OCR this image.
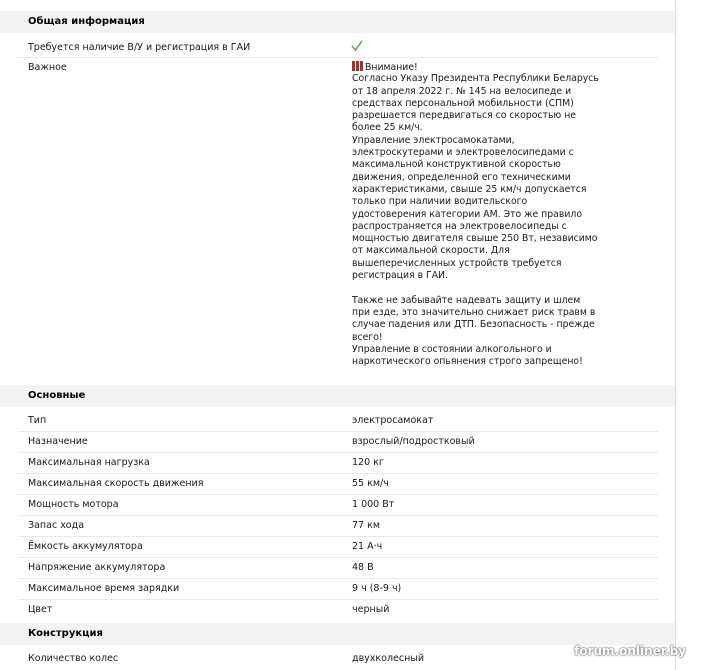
Общая информация
Требуется наличие В/У и регистрация в ГАИ
Важное	Внимание!
Согласно Указу Президента Республики Беларусь
от 18 апреля 2022 г. № 145 на велосипеде и
средствах персональной мобильности (СПМ)
разрешается передвигаться со скоростью не
более 25 км/ч.
Управление электросамокатами,
электроскутерами и электровелосипедами с
максимальной конструктивной скоростью
движения, определенной его техническими
характеристиками, свыше 25 км/ч допускается
только при наличии водительского
удостоверения категории АМ. Это же правило
распространяется на электровелосипеды с
мощностью двигателя свыше 250 Вт, независимо
от максимальной скорости. Для
вышеперечисленных устройств требуется
регистрация в ГАИ.
Также не забывайте надевать защиту и шлем
при езде, это значительно снижает риск травм в
случае падения или ДТП. Безопасность - прежде
всего!
Управление в состоянии алкогольного и
наркотического опьянения строго запрещено!
Основные
Тип	электросамокат
Назначение	взрослый/подростковый
Максимальная нагрузка	120 кг
Максимальная скорость движения	55 км/ч
Мощность мотора	1 000 Вт
Запас хода	77 км
Ёмкость аккумулятора	21 А·ч
Напряжение аккумулятора	48 В
Максимальное время зарядки	9 ч (8-9 ч)
Цвет	черный
Конструкция
Количество колес	двухколесный
forum.onliner.by
